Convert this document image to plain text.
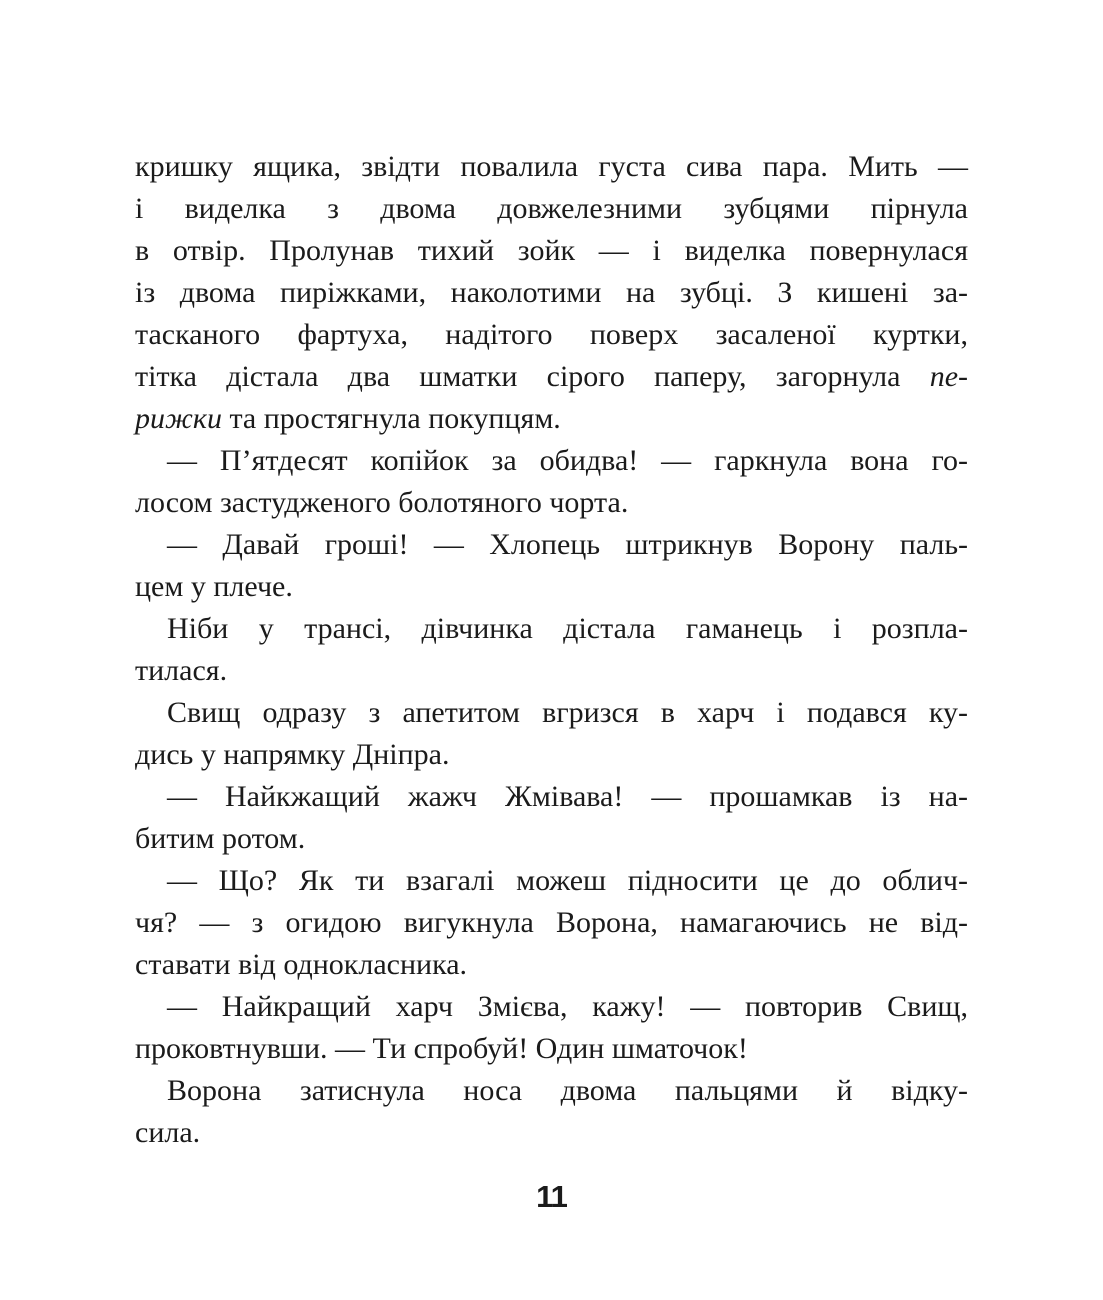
кришку ящика, звідти повалила густа сива пара. Мить —
і виделка з двома довжелезними зубцями пірнула
в отвір. Пролунав тихий зойк — і виделка повернулася
із двома пиріжками, наколотими на зубці. З кишені за-
тасканого фартуха, надітого поверх засаленої куртки,
тітка дістала два шматки сірого паперу, загорнула пе-
рижки та простягнула покупцям.
— П’ятдесят копійок за обидва! — гаркнула вона го-
лосом застудженого болотяного чорта.
— Давай гроші! — Хлопець штрикнув Ворону паль-
цем у плече.
Ніби у трансі, дівчинка дістала гаманець і розпла-
тилася.
Свищ одразу з апетитом вгризся в харч і подався ку-
дись у напрямку Дніпра.
— Найкжащий жажч Жмівава! — прошамкав із на-
битим ротом.
— Що? Як ти взагалі можеш підносити це до облич-
чя? — з огидою вигукнула Ворона, намагаючись не від-
ставати від однокласника.
— Найкращий харч Змієва, кажу! — повторив Свищ,
проковтнувши. — Ти спробуй! Один шматочок!
Ворона затиснула носа двома пальцями й відку-
сила.
11
